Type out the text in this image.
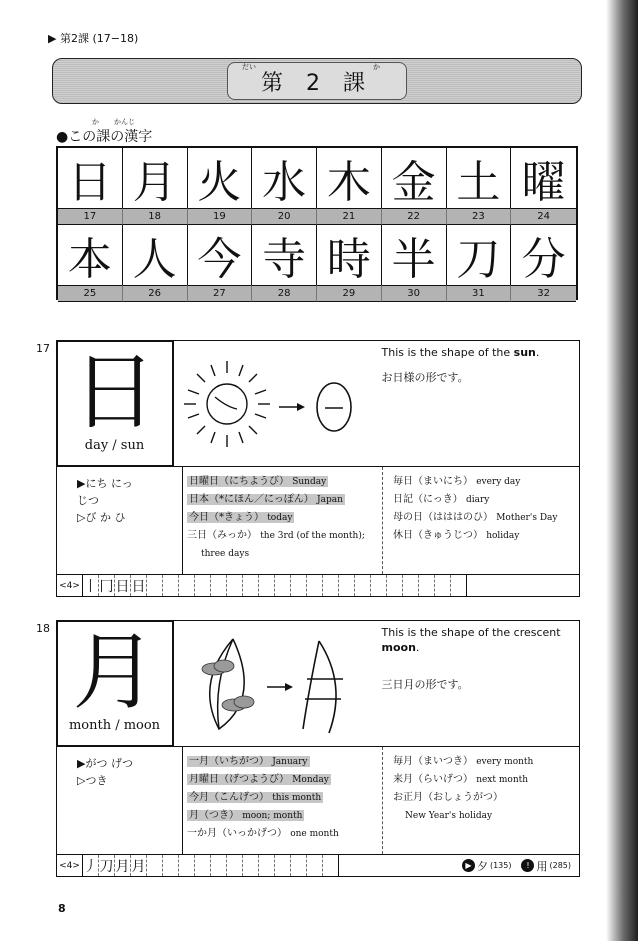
▶ 第2課 (17−18)
だい	か
第 2 課
か かんじ
●この課の漢字
日 月 火 水 木 金 土 曜
17	18	19	20	21	22	23	24
本 人 今 寺 時 半 刀 分
25	26	27	28	29	30	31	32
17 日
day / sun
This is the shape of the sun.
お日様の形です。
▶にち にっ
じつ
▷び か ひ
日曜日（にちようび） Sunday
日本（*にほん／にっぽん） Japan
今日（*きょう） today
三日（みっか） the 3rd (of the month);
three days
毎日（まいにち） every day
日記（にっき） diary
母の日（はははのひ） Mother's Day
休日（きゅうじつ） holiday
<4> 丨 冂 日 日
18 月
month / moon
This is the shape of the crescent moon.
三日月の形です。
▶がつ げつ
▷つき
一月（いちがつ） January
月曜日（げつようび） Monday
今月（こんげつ） this month
月（つき） moon; month
一か月（いっかげつ） one month
毎月（まいつき） every month
来月（らいげつ） next month
お正月（おしょうがつ）
New Year's holiday
<4> 丿 刀 月 月	▶ 夕 (135)	! 用 (285)
8
